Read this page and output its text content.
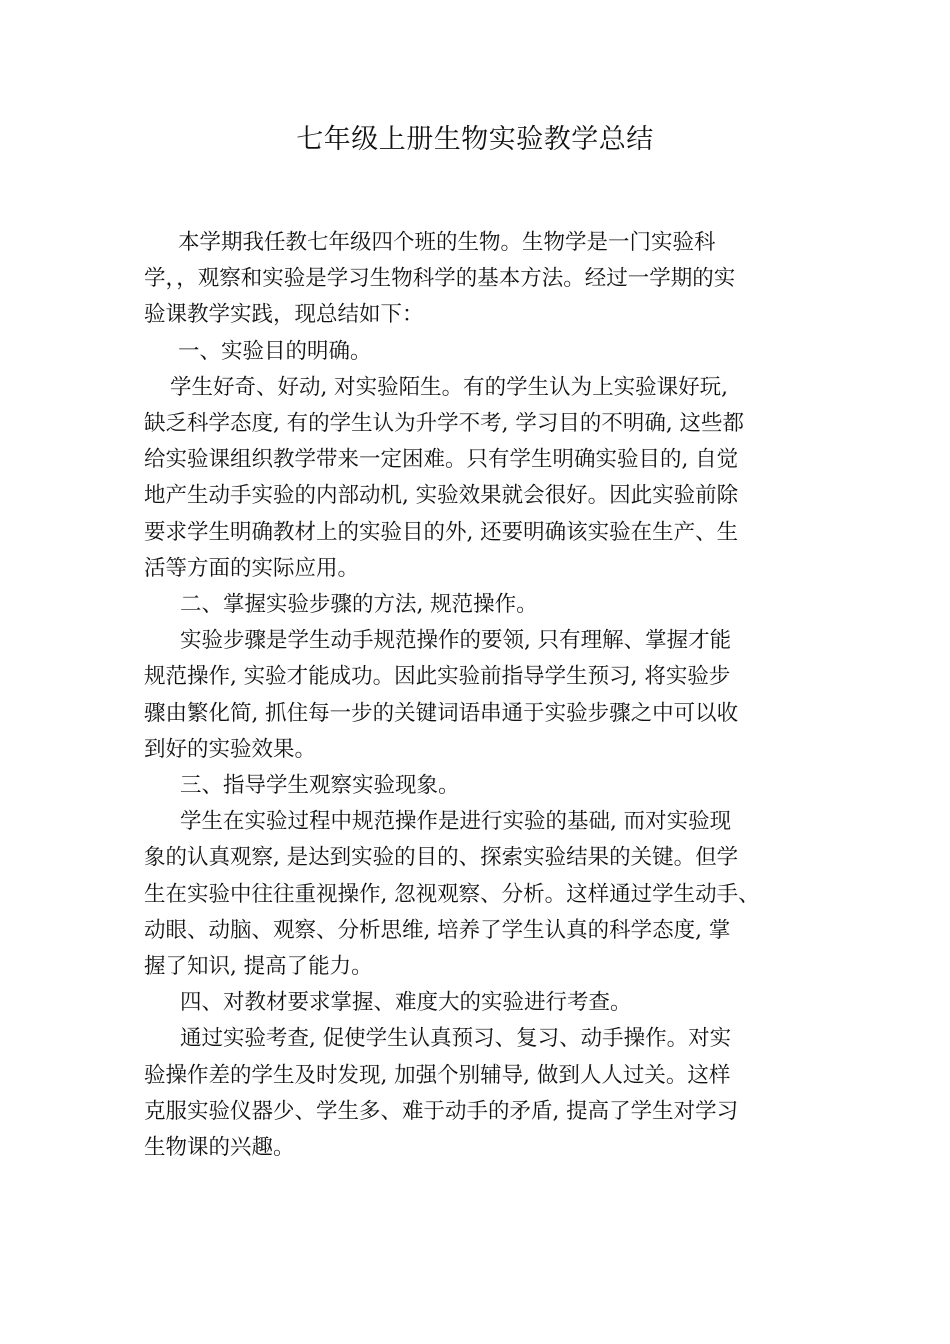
七年级上册生物实验教学总结

本学期我任教七年级四个班的生物。生物学是一门实验科

学，，观察和实验是学习生物科学的基本方法。经过一学期的实

验课教学实践，现总结如下：

一、实验目的明确。

学生好奇、好动, 对实验陌生。有的学生认为上实验课好玩,

缺乏科学态度, 有的学生认为升学不考, 学习目的不明确, 这些都

给实验课组织教学带来一定困难。只有学生明确实验目的, 自觉

地产生动手实验的内部动机, 实验效果就会很好。因此实验前除

要求学生明确教材上的实验目的外, 还要明确该实验在生产、生

活等方面的实际应用。

二、掌握实验步骤的方法, 规范操作。

实验步骤是学生动手规范操作的要领, 只有理解、掌握才能

规范操作, 实验才能成功。因此实验前指导学生预习, 将实验步

骤由繁化简, 抓住每一步的关键词语串通于实验步骤之中可以收

到好的实验效果。

三、指导学生观察实验现象。

学生在实验过程中规范操作是进行实验的基础, 而对实验现

象的认真观察, 是达到实验的目的、探索实验结果的关键。但学

生在实验中往往重视操作, 忽视观察、分析。这样通过学生动手、

动眼、动脑、观察、分析思维, 培养了学生认真的科学态度, 掌

握了知识, 提高了能力。

四、对教材要求掌握、难度大的实验进行考查。

通过实验考查, 促使学生认真预习、复习、动手操作。对实

验操作差的学生及时发现, 加强个别辅导, 做到人人过关。这样

克服实验仪器少、学生多、难于动手的矛盾, 提高了学生对学习

生物课的兴趣。
